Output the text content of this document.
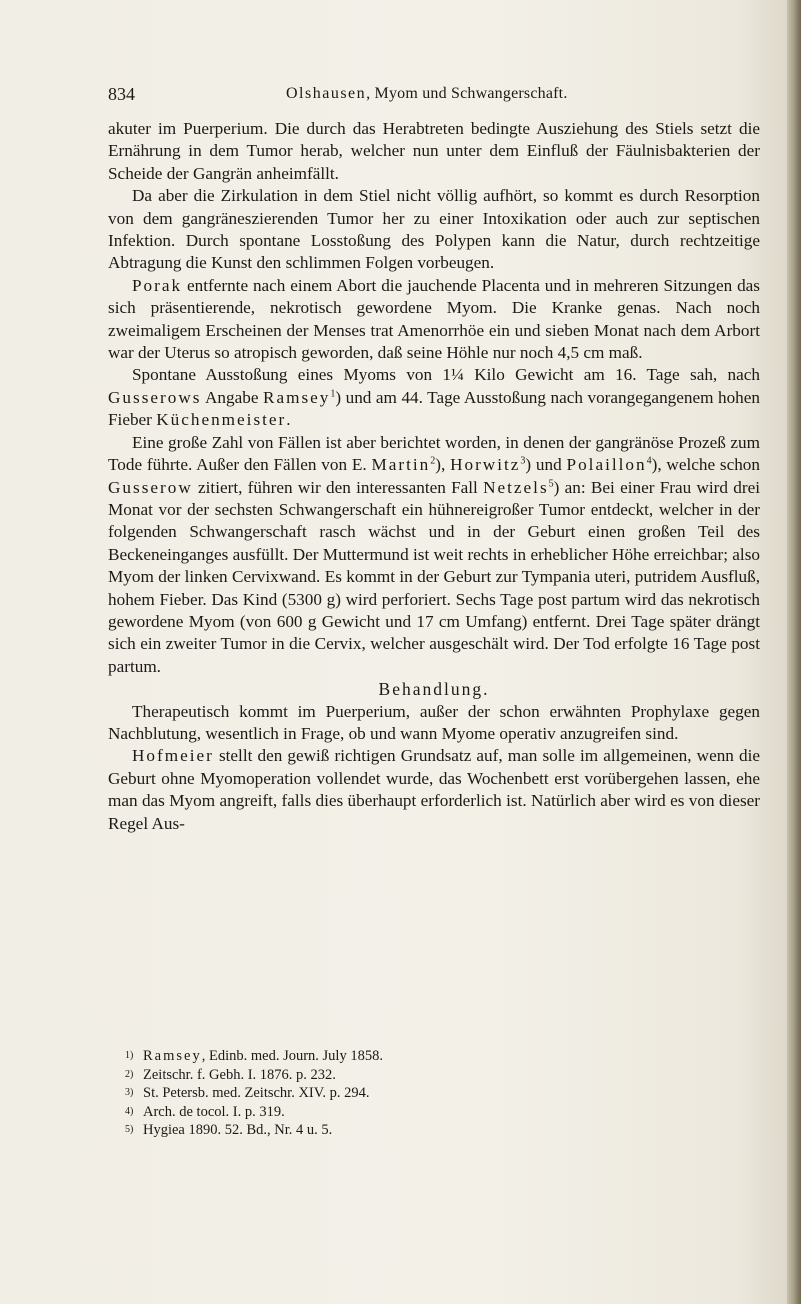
834	Olshausen, Myom und Schwangerschaft.

akuter im Puerperium. Die durch das Herabtreten bedingte Ausziehung des Stiels setzt die Ernährung in dem Tumor herab, welcher nun unter dem Einfluß der Fäulnisbakterien der Scheide der Gangrän anheimfällt.

Da aber die Zirkulation in dem Stiel nicht völlig aufhört, so kommt es durch Resorption von dem gangräneszierenden Tumor her zu einer Intoxikation oder auch zur septischen Infektion. Durch spontane Losstoßung des Polypen kann die Natur, durch rechtzeitige Abtragung die Kunst den schlimmen Folgen vorbeugen.

Porak entfernte nach einem Abort die jauchende Placenta und in mehreren Sitzungen das sich präsentierende, nekrotisch gewordene Myom. Die Kranke genas. Nach noch zweimaligem Erscheinen der Menses trat Amenorrhöe ein und sieben Monat nach dem Arbort war der Uterus so atropisch geworden, daß seine Höhle nur noch 4,5 cm maß.

Spontane Ausstoßung eines Myoms von 1¼ Kilo Gewicht am 16. Tage sah, nach Gusserows Angabe Ramsey$^1$) und am 44. Tage Ausstoßung nach vorangegangenem hohen Fieber Küchenmeister.

Eine große Zahl von Fällen ist aber berichtet worden, in denen der gangränöse Prozeß zum Tode führte. Außer den Fällen von E. Martin$^2$), Horwitz$^3$) und Polaillon$^4$), welche schon Gusserow zitiert, führen wir den interessanten Fall Netzels$^5$) an: Bei einer Frau wird drei Monat vor der sechsten Schwangerschaft ein hühnereigroßer Tumor entdeckt, welcher in der folgenden Schwangerschaft rasch wächst und in der Geburt einen großen Teil des Beckeneinganges ausfüllt. Der Muttermund ist weit rechts in erheblicher Höhe erreichbar; also Myom der linken Cervixwand. Es kommt in der Geburt zur Tympania uteri, putridem Ausfluß, hohem Fieber. Das Kind (5300 g) wird perforiert. Sechs Tage post partum wird das nekrotisch gewordene Myom (von 600 g Gewicht und 17 cm Umfang) entfernt. Drei Tage später drängt sich ein zweiter Tumor in die Cervix, welcher ausgeschält wird. Der Tod erfolgte 16 Tage post partum.

Behandlung.

Therapeutisch kommt im Puerperium, außer der schon erwähnten Prophylaxe gegen Nachblutung, wesentlich in Frage, ob und wann Myome operativ anzugreifen sind.

Hofmeier stellt den gewiß richtigen Grundsatz auf, man solle im allgemeinen, wenn die Geburt ohne Myomoperation vollendet wurde, das Wochenbett erst vorübergehen lassen, ehe man das Myom angreift, falls dies überhaupt erforderlich ist. Natürlich aber wird es von dieser Regel Aus-

1) Ramsey, Edinb. med. Journ. July 1858.
2) Zeitschr. f. Gebh. I. 1876. p. 232.
3) St. Petersb. med. Zeitschr. XIV. p. 294.
4) Arch. de tocol. I. p. 319.
5) Hygiea 1890. 52. Bd., Nr. 4 u. 5.
